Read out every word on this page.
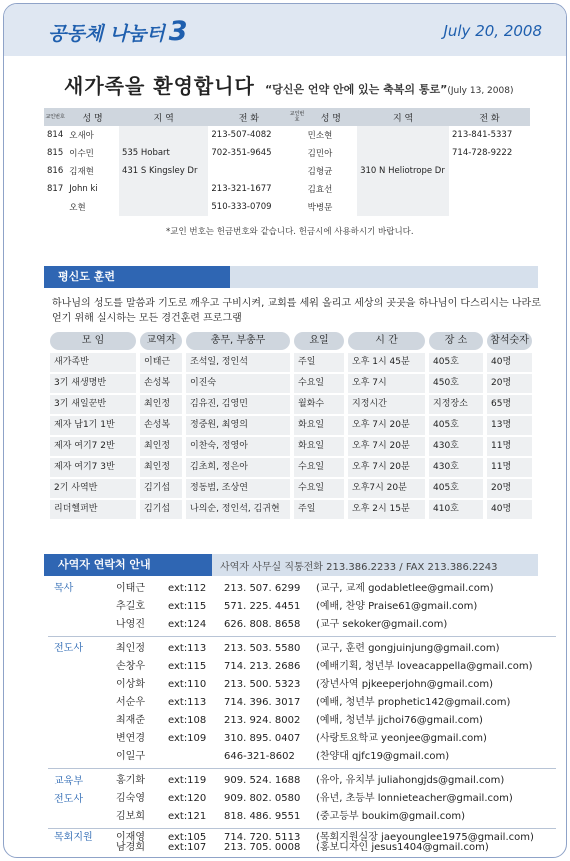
공동체 나눔터 3	July 20, 2008
새가족을 환영합니다 “당신은 언약 안에 있는 축복의 통로”(July 13, 2008)
교인번호	성 명	지 역	전 화	교인번호	성 명	지 역	전 화
814	오새아		213-507-4082		민소현		213-841-5337
815	이수민	535 Hobart	702-351-9645		김민아		714-728-9222
816	김재현	431 S Kingsley Dr			김형균	310 N Heliotrope Dr	
817	John ki		213-321-1677		김효선		
	오현		510-333-0709		박병문		
*교인 번호는 헌금번호와 같습니다. 헌금시에 사용하시기 바랍니다.
평신도 훈련
하나님의 성도를 말씀과 기도로 깨우고 구비시켜, 교회를 세워 올리고 세상의 곳곳을 하나님이 다스리시는 나라로 얻기 위해 실시하는 모든 경건훈련 프로그램
모 임	교역자	총무, 부총무	요일	시 간	장 소	참석숫자
새가족반	이태근	조석일, 정인석	주일	오후 1시 45분	405호	40명
3기 새생명반	손성복	이진숙	수요일	오후 7시	450호	20명
3기 새일꾼반	최인정	김유진, 김영민	월화수	지정시간	지정장소	65명
제자 남1기 1반	손성복	정중원, 최영의	화요일	오후 7시 20분	405호	13명
제자 여기7 2반	최인정	이찬숙, 정영아	화요일	오후 7시 20분	430호	11명
제자 여기7 3반	최인정	김초희, 정은아	수요일	오후 7시 20분	430호	11명
2기 사역반	김기섭	정동범, 조상연	수요일	오후7시 20분	405호	20명
리더헬퍼반	김기섭	나의순, 정인석, 김귀현	주일	오후 2시 15분	410호	40명
사역자 연락처 안내	사역자 사무실 직통전화 213.386.2233 / FAX 213.386.2243
목사	이태근 ext:112 213. 507. 6299 (교구, 교제 godabletlee@gmail.com)
추길호 ext:115 571. 225. 4451 (예배, 찬양 Praise61@gmail.com)
나영진 ext:124 626. 808. 8658 (교구 sekoker@gmail.com)
전도사	최인정 ext:113 213. 503. 5580 (교구, 훈련 gongjuinjung@gmail.com)
손창우 ext:115 714. 213. 2686 (예배기획, 청년부 loveacappella@gmail.com)
이상화 ext:110 213. 500. 5323 (장년사역 pjkeeperjohn@gmail.com)
서순우 ext:113 714. 396. 3017 (예배, 청년부 prophetic142@gmail.com)
최재준 ext:108 213. 924. 8002 (예배, 청년부 jjchoi76@gmail.com)
변연경 ext:109 310. 895. 0407 (사랑토요학교 yeonjee@gmail.com)
이일구	646-321-8602 (찬양대 qjfc19@gmail.com)
교육부 전도사
홍기화 ext:119 909. 524. 1688 (유아, 유치부 juliahongjds@gmail.com)
김숙영 ext:120 909. 802. 0580 (유년, 초등부 lonnieteacher@gmail.com)
김보희 ext:121 818. 486. 9551 (중고등부 boukim@gmail.com)
목회지원 이재영 ext:105 714. 720. 5113 (목회지원실장 jaeyounglee1975@gmail.com)
남경희 ext:107 213. 705. 0008 (홍보디자인 jesus1404@gmail.com)
